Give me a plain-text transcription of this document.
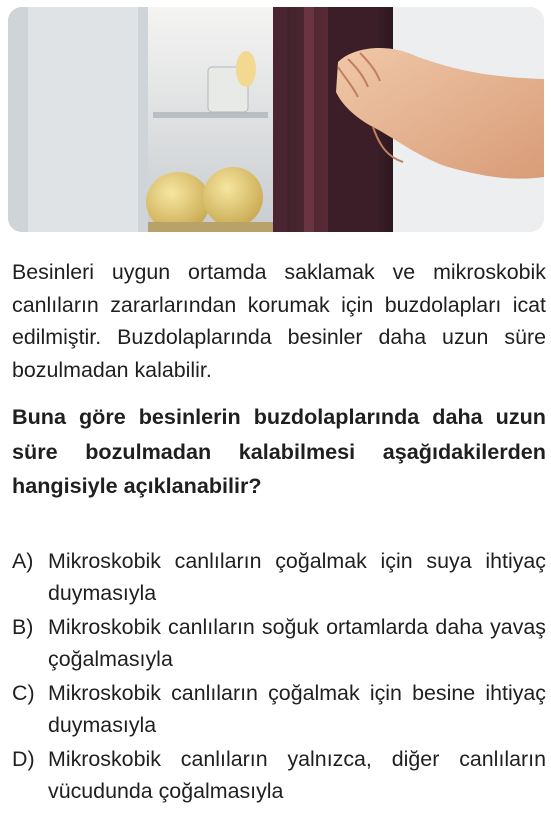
Besinleri uygun ortamda saklamak ve mikroskobik canlıların zararlarından korumak için buzdolapları icat edilmiştir. Buzdolaplarında besinler daha uzun süre bozulmadan kalabilir.

Buna göre besinlerin buzdolaplarında daha uzun süre bozulmadan kalabilmesi aşağıdakilerden hangisiyle açıklanabilir?

A) Mikroskobik canlıların çoğalmak için suya ihtiyaç duymasıyla
B) Mikroskobik canlıların soğuk ortamlarda daha yavaş çoğalmasıyla
C) Mikroskobik canlıların çoğalmak için besine ihtiyaç duymasıyla
D) Mikroskobik canlıların yalnızca, diğer canlıların vücudunda çoğalmasıyla
